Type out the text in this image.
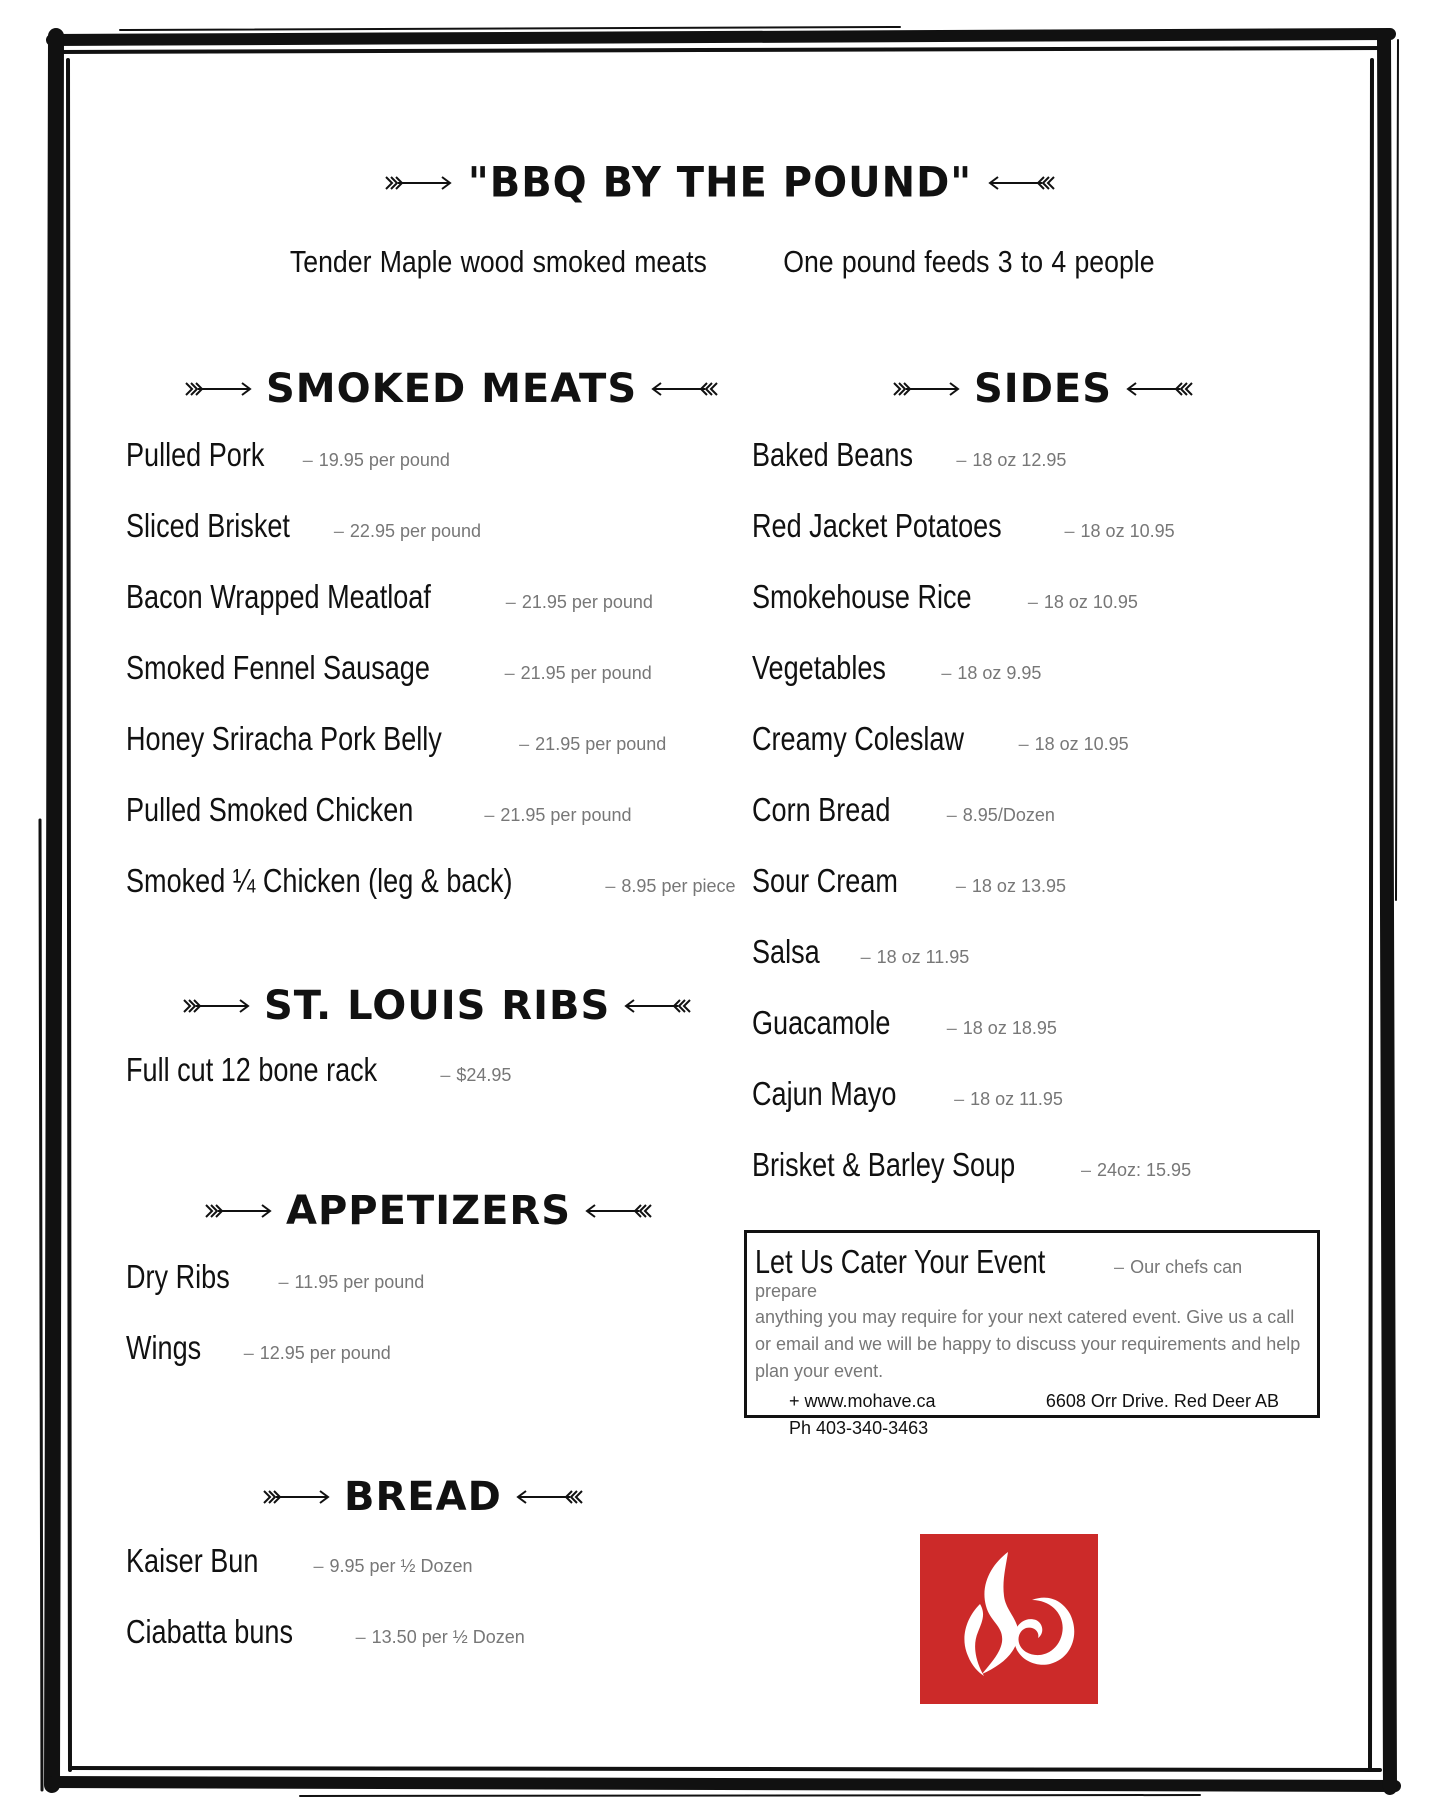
"BBQ BY THE POUND"
Tender Maple wood smoked meats One pound feeds 3 to 4 people
SMOKED MEATS
Pulled Pork – 19.95 per pound
Sliced Brisket – 22.95 per pound
Bacon Wrapped Meatloaf	– 21.95 per pound
Smoked Fennel Sausage	– 21.95 per pound
Honey Sriracha Pork Belly	– 21.95 per pound
Pulled Smoked Chicken	– 21.95 per pound
Smoked ¼ Chicken (leg & back)	– 8.95 per piece
ST. LOUIS RIBS
Full cut 12 bone rack	– $24.95
APPETIZERS
Dry Ribs	– 11.95 per pound
Wings – 12.95 per pound
BREAD
Kaiser Bun	– 9.95 per ½ Dozen
Ciabatta buns	– 13.50 per ½ Dozen
SIDES
Baked Beans – 18 oz 12.95
Red Jacket Potatoes	– 18 oz 10.95
Smokehouse Rice	– 18 oz 10.95
Vegetables	– 18 oz 9.95
Creamy Coleslaw	– 18 oz 10.95
Corn Bread	– 8.95/Dozen
Sour Cream	– 18 oz 13.95
Salsa – 18 oz 11.95
Guacamole	– 18 oz 18.95
Cajun Mayo	– 18 oz 11.95
Brisket & Barley Soup	– 24oz: 15.95
Let Us Cater Your Event	– Our chefs can prepare
anything you may require for your next catered event. Give us a call or email and we will be happy to discuss your requirements and help plan your event.
+ www.mohave.ca	6608 Orr Drive. Red Deer AB
Ph 403-340-3463
